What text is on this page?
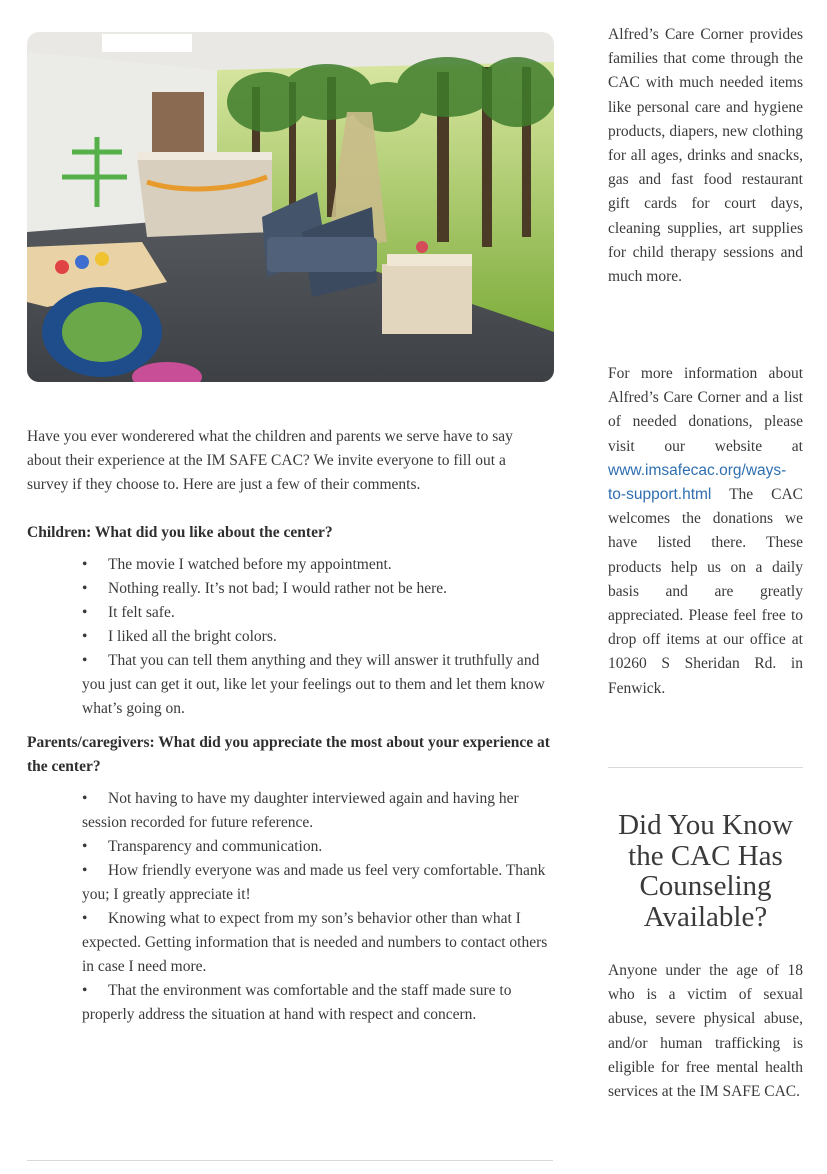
Have you ever wonderered what the children and parents we serve have to say about their experience at the IM SAFE CAC? We invite everyone to fill out a survey if they choose to. Here are just a few of their comments.

Children: What did you like about the center?

• The movie I watched before my appointment.
• Nothing really. It’s not bad; I would rather not be here.
• It felt safe.
• I liked all the bright colors.
• That you can tell them anything and they will answer it truthfully and you just can get it out, like let your feelings out to them and let them know what’s going on.

Parents/caregivers: What did you appreciate the most about your experience at the center?

• Not having to have my daughter interviewed again and having her session recorded for future reference.
• Transparency and communication.
• How friendly everyone was and made us feel very comfortable. Thank you; I greatly appreciate it!
• Knowing what to expect from my son’s behavior other than what I expected. Getting information that is needed and numbers to contact others in case I need more.
• That the environment was comfortable and the staff made sure to properly address the situation at hand with respect and concern.

Alfred’s Care Corner provides families that come through the CAC with much needed items like personal care and hygiene products, diapers, new clothing for all ages, drinks and snacks, gas and fast food restaurant gift cards for court days, cleaning supplies, art supplies for child therapy sessions and much more.

For more information about Alfred’s Care Corner and a list of needed donations, please visit our website at www.imsafecac.org/ways-to-support.html The CAC welcomes the donations we have listed there. These products help us on a daily basis and are greatly appreciated. Please feel free to drop off items at our office at 10260 S Sheridan Rd. in Fenwick.

Did You Know the CAC Has Counseling Available?

Anyone under the age of 18 who is a victim of sexual abuse, severe physical abuse, and/or human trafficking is eligible for free mental health services at the IM SAFE CAC.
